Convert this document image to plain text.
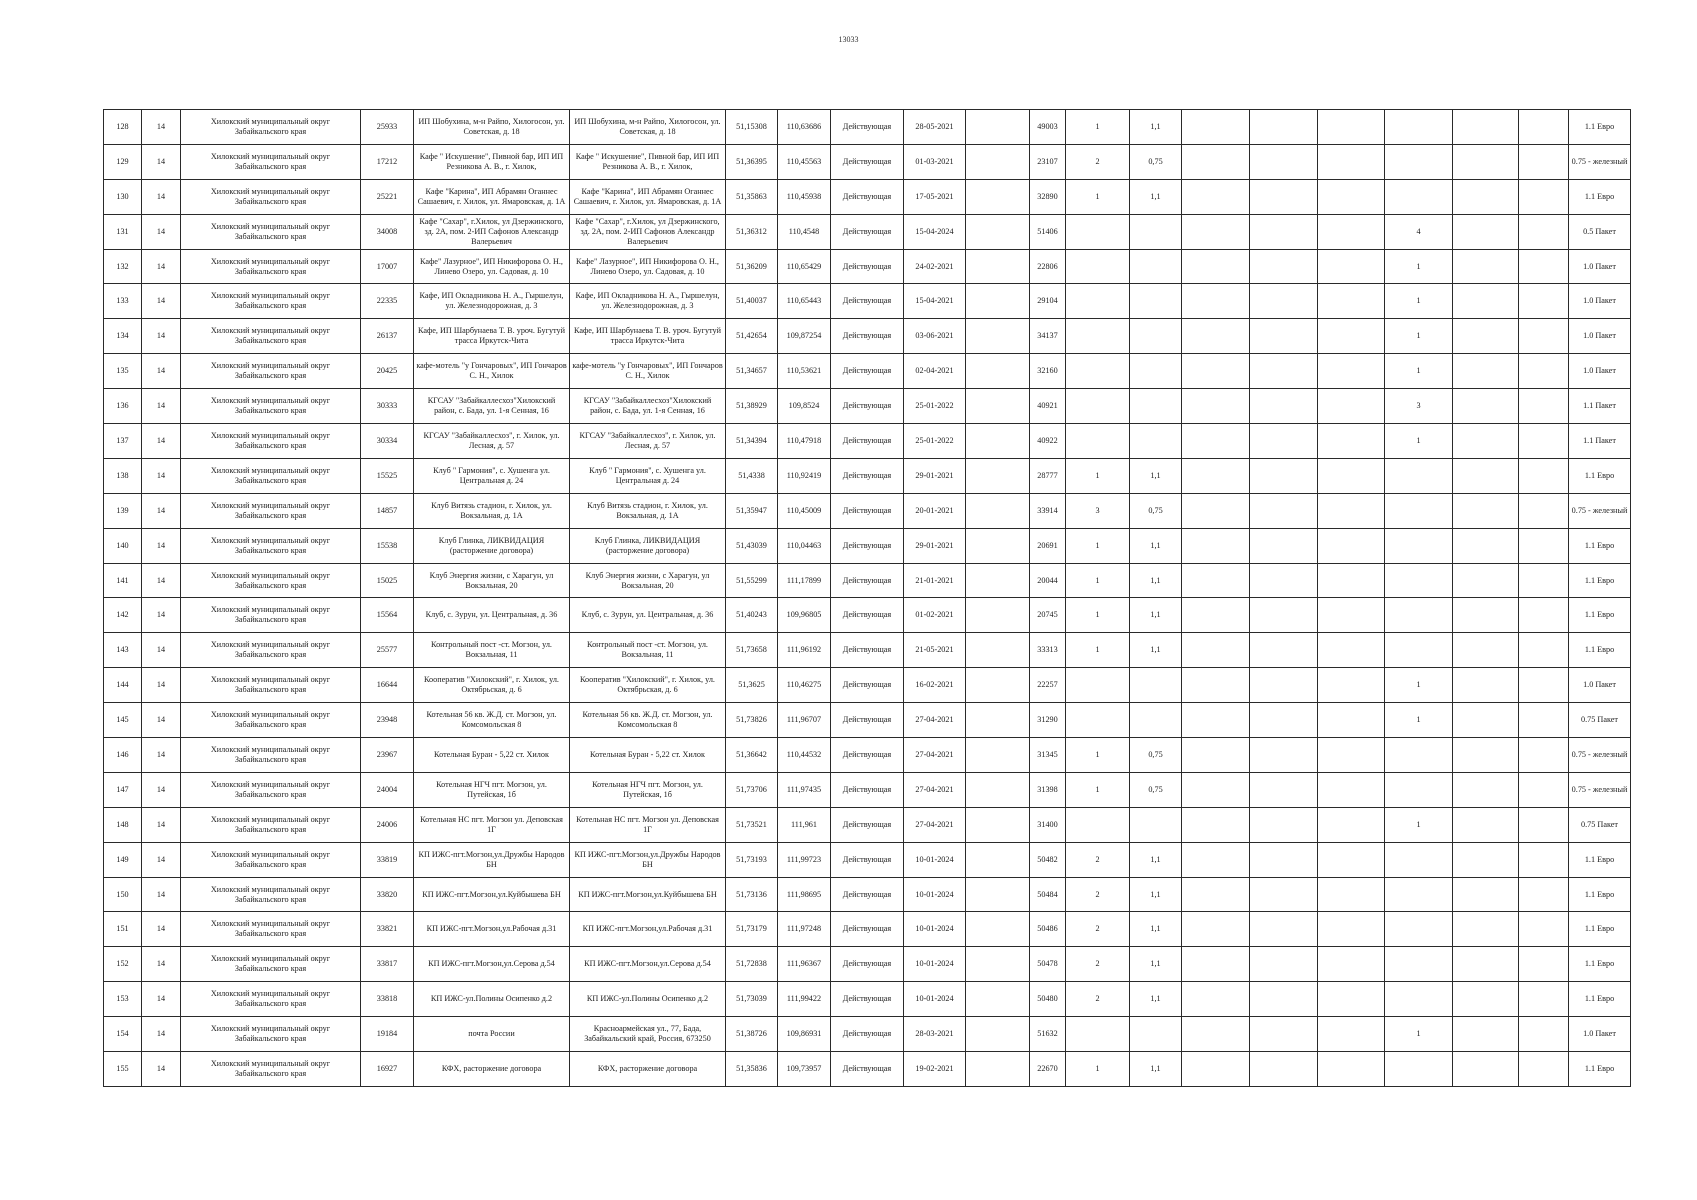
13033
128	14	Хилокский муниципальный округ Забайкальского края	25933	ИП Шобухина, м-н Райпо, Хилогосон, ул. Советская, д. 18	ИП Шобухина, м-н Райпо, Хилогосон, ул. Советская, д. 18	51,15308	110,63686	Действующая	28-05-2021		49003	1	1,1							1.1 Евро
129	14	Хилокский муниципальный округ Забайкальского края	17212	Кафе " Искушение", Пивной бар, ИП ИП Резникова А. В., г. Хилок,	Кафе " Искушение", Пивной бар, ИП ИП Резникова А. В., г. Хилок,	51,36395	110,45563	Действующая	01-03-2021		23107	2	0,75							0.75 - железный
130	14	Хилокский муниципальный округ Забайкальского края	25221	Кафе "Карина", ИП Абрамян Оганнес Сашаевич, г. Хилок, ул. Ямаровская, д. 1А	Кафе "Карина", ИП Абрамян Оганнес Сашаевич, г. Хилок, ул. Ямаровская, д. 1А	51,35863	110,45938	Действующая	17-05-2021		32890	1	1,1							1.1 Евро
131	14	Хилокский муниципальный округ Забайкальского края	34008	Кафе "Сахар", г.Хилок, ул Дзержинского, зд. 2А, пом. 2-ИП Сафонов Александр Валерьевич	Кафе "Сахар", г.Хилок, ул Дзержинского, зд. 2А, пом. 2-ИП Сафонов Александр Валерьевич	51,36312	110,4548	Действующая	15-04-2024		51406						4			0.5 Пакет
132	14	Хилокский муниципальный округ Забайкальского края	17007	Кафе" Лазурное", ИП Никифорова О. Н., Линево Озеро, ул. Садовая, д. 10	Кафе" Лазурное", ИП Никифорова О. Н., Линево Озеро, ул. Садовая, д. 10	51,36209	110,65429	Действующая	24-02-2021		22806						1			1.0 Пакет
133	14	Хилокский муниципальный округ Забайкальского края	22335	Кафе, ИП Окладникова Н. А., Гыршелун, ул. Железнодорожная, д. 3	Кафе, ИП Окладникова Н. А., Гыршелун, ул. Железнодорожная, д. 3	51,40037	110,65443	Действующая	15-04-2021		29104						1			1.0 Пакет
134	14	Хилокский муниципальный округ Забайкальского края	26137	Кафе, ИП Шарбунаева Т. В. уроч. Бугутуй трасса Иркутск-Чита	Кафе, ИП Шарбунаева Т. В. уроч. Бугутуй трасса Иркутск-Чита	51,42654	109,87254	Действующая	03-06-2021		34137						1			1.0 Пакет
135	14	Хилокский муниципальный округ Забайкальского края	20425	кафе-мотель "у Гончаровых", ИП Гончаров С. Н., Хилок	кафе-мотель "у Гончаровых", ИП Гончаров С. Н., Хилок	51,34657	110,53621	Действующая	02-04-2021		32160						1			1.0 Пакет
136	14	Хилокский муниципальный округ Забайкальского края	30333	КГСАУ "Забайкаллесхоз"Хилокский район, с. Бада, ул. 1-я Сенная, 16	КГСАУ "Забайкаллесхоз"Хилокский район, с. Бада, ул. 1-я Сенная, 16	51,38929	109,8524	Действующая	25-01-2022		40921						3			1.1 Пакет
137	14	Хилокский муниципальный округ Забайкальского края	30334	КГСАУ "Забайкаллесхоз", г. Хилок, ул. Лесная, д. 57	КГСАУ "Забайкаллесхоз", г. Хилок, ул. Лесная, д. 57	51,34394	110,47918	Действующая	25-01-2022		40922						1			1.1 Пакет
138	14	Хилокский муниципальный округ Забайкальского края	15525	Клуб " Гармония", с. Хушенга ул. Центральная д. 24	Клуб " Гармония", с. Хушенга ул. Центральная д. 24	51,4338	110,92419	Действующая	29-01-2021		28777	1	1,1							1.1 Евро
139	14	Хилокский муниципальный округ Забайкальского края	14857	Клуб Витязь стадион, г. Хилок, ул. Вокзальная, д. 1А	Клуб Витязь стадион, г. Хилок, ул. Вокзальная, д. 1А	51,35947	110,45009	Действующая	20-01-2021		33914	3	0,75							0.75 - железный
140	14	Хилокский муниципальный округ Забайкальского края	15538	Клуб Глинка, ЛИКВИДАЦИЯ (расторжение договора)	Клуб Глинка, ЛИКВИДАЦИЯ (расторжение договора)	51,43039	110,04463	Действующая	29-01-2021		20691	1	1,1							1.1 Евро
141	14	Хилокский муниципальный округ Забайкальского края	15025	Клуб Энергия жизни, с Харагун, ул Вокзальная, 20	Клуб Энергия жизни, с Харагун, ул Вокзальная, 20	51,55299	111,17899	Действующая	21-01-2021		20044	1	1,1							1.1 Евро
142	14	Хилокский муниципальный округ Забайкальского края	15564	Клуб, с. Зурун, ул. Центральная, д. 36	Клуб, с. Зурун, ул. Центральная, д. 36	51,40243	109,96805	Действующая	01-02-2021		20745	1	1,1							1.1 Евро
143	14	Хилокский муниципальный округ Забайкальского края	25577	Контрольный пост -ст. Могзон, ул. Вокзальная, 11	Контрольный пост -ст. Могзон, ул. Вокзальная, 11	51,73658	111,96192	Действующая	21-05-2021		33313	1	1,1							1.1 Евро
144	14	Хилокский муниципальный округ Забайкальского края	16644	Кооператив "Хилокский", г. Хилок, ул. Октябрьская, д. 6	Кооператив "Хилокский", г. Хилок, ул. Октябрьская, д. 6	51,3625	110,46275	Действующая	16-02-2021		22257						1			1.0 Пакет
145	14	Хилокский муниципальный округ Забайкальского края	23948	Котельная 56 кв. Ж.Д. ст. Могзон, ул. Комсомольская 8	Котельная 56 кв. Ж.Д. ст. Могзон, ул. Комсомольская 8	51,73826	111,96707	Действующая	27-04-2021		31290						1			0.75 Пакет
146	14	Хилокский муниципальный округ Забайкальского края	23967	Котельная Буран - 5,22 ст. Хилок	Котельная Буран - 5,22 ст. Хилок	51,36642	110,44532	Действующая	27-04-2021		31345	1	0,75							0.75 - железный
147	14	Хилокский муниципальный округ Забайкальского края	24004	Котельная НГЧ пгт. Могзон, ул. Путейская, 1б	Котельная НГЧ пгт. Могзон, ул. Путейская, 1б	51,73706	111,97435	Действующая	27-04-2021		31398	1	0,75							0.75 - железный
148	14	Хилокский муниципальный округ Забайкальского края	24006	Котельная НС пгт. Могзон ул. Деповская 1Г	Котельная НС пгт. Могзон ул. Деповская 1Г	51,73521	111,961	Действующая	27-04-2021		31400						1			0.75 Пакет
149	14	Хилокский муниципальный округ Забайкальского края	33819	КП ИЖС-пгт.Могзон,ул.Дружбы Народов БН	КП ИЖС-пгт.Могзон,ул.Дружбы Народов БН	51,73193	111,99723	Действующая	10-01-2024		50482	2	1,1							1.1 Евро
150	14	Хилокский муниципальный округ Забайкальского края	33820	КП ИЖС-пгт.Могзон,ул.Куйбышева БН	КП ИЖС-пгт.Могзон,ул.Куйбышева БН	51,73136	111,98695	Действующая	10-01-2024		50484	2	1,1							1.1 Евро
151	14	Хилокский муниципальный округ Забайкальского края	33821	КП ИЖС-пгт.Могзон,ул.Рабочая д.31	КП ИЖС-пгт.Могзон,ул.Рабочая д.31	51,73179	111,97248	Действующая	10-01-2024		50486	2	1,1							1.1 Евро
152	14	Хилокский муниципальный округ Забайкальского края	33817	КП ИЖС-пгт.Могзон,ул.Серова д.54	КП ИЖС-пгт.Могзон,ул.Серова д.54	51,72838	111,96367	Действующая	10-01-2024		50478	2	1,1							1.1 Евро
153	14	Хилокский муниципальный округ Забайкальского края	33818	КП ИЖС-ул.Полины Осипенко д.2	КП ИЖС-ул.Полины Осипенко д.2	51,73039	111,99422	Действующая	10-01-2024		50480	2	1,1							1.1 Евро
154	14	Хилокский муниципальный округ Забайкальского края	19184	почта России	Красноармейская ул., 77, Бада, Забайкальский край, Россия, 673250	51,38726	109,86931	Действующая	28-03-2021		51632						1			1.0 Пакет
155	14	Хилокский муниципальный округ Забайкальского края	16927	КФХ, расторжение договора	КФХ, расторжение договора	51,35836	109,73957	Действующая	19-02-2021		22670	1	1,1							1.1 Евро
